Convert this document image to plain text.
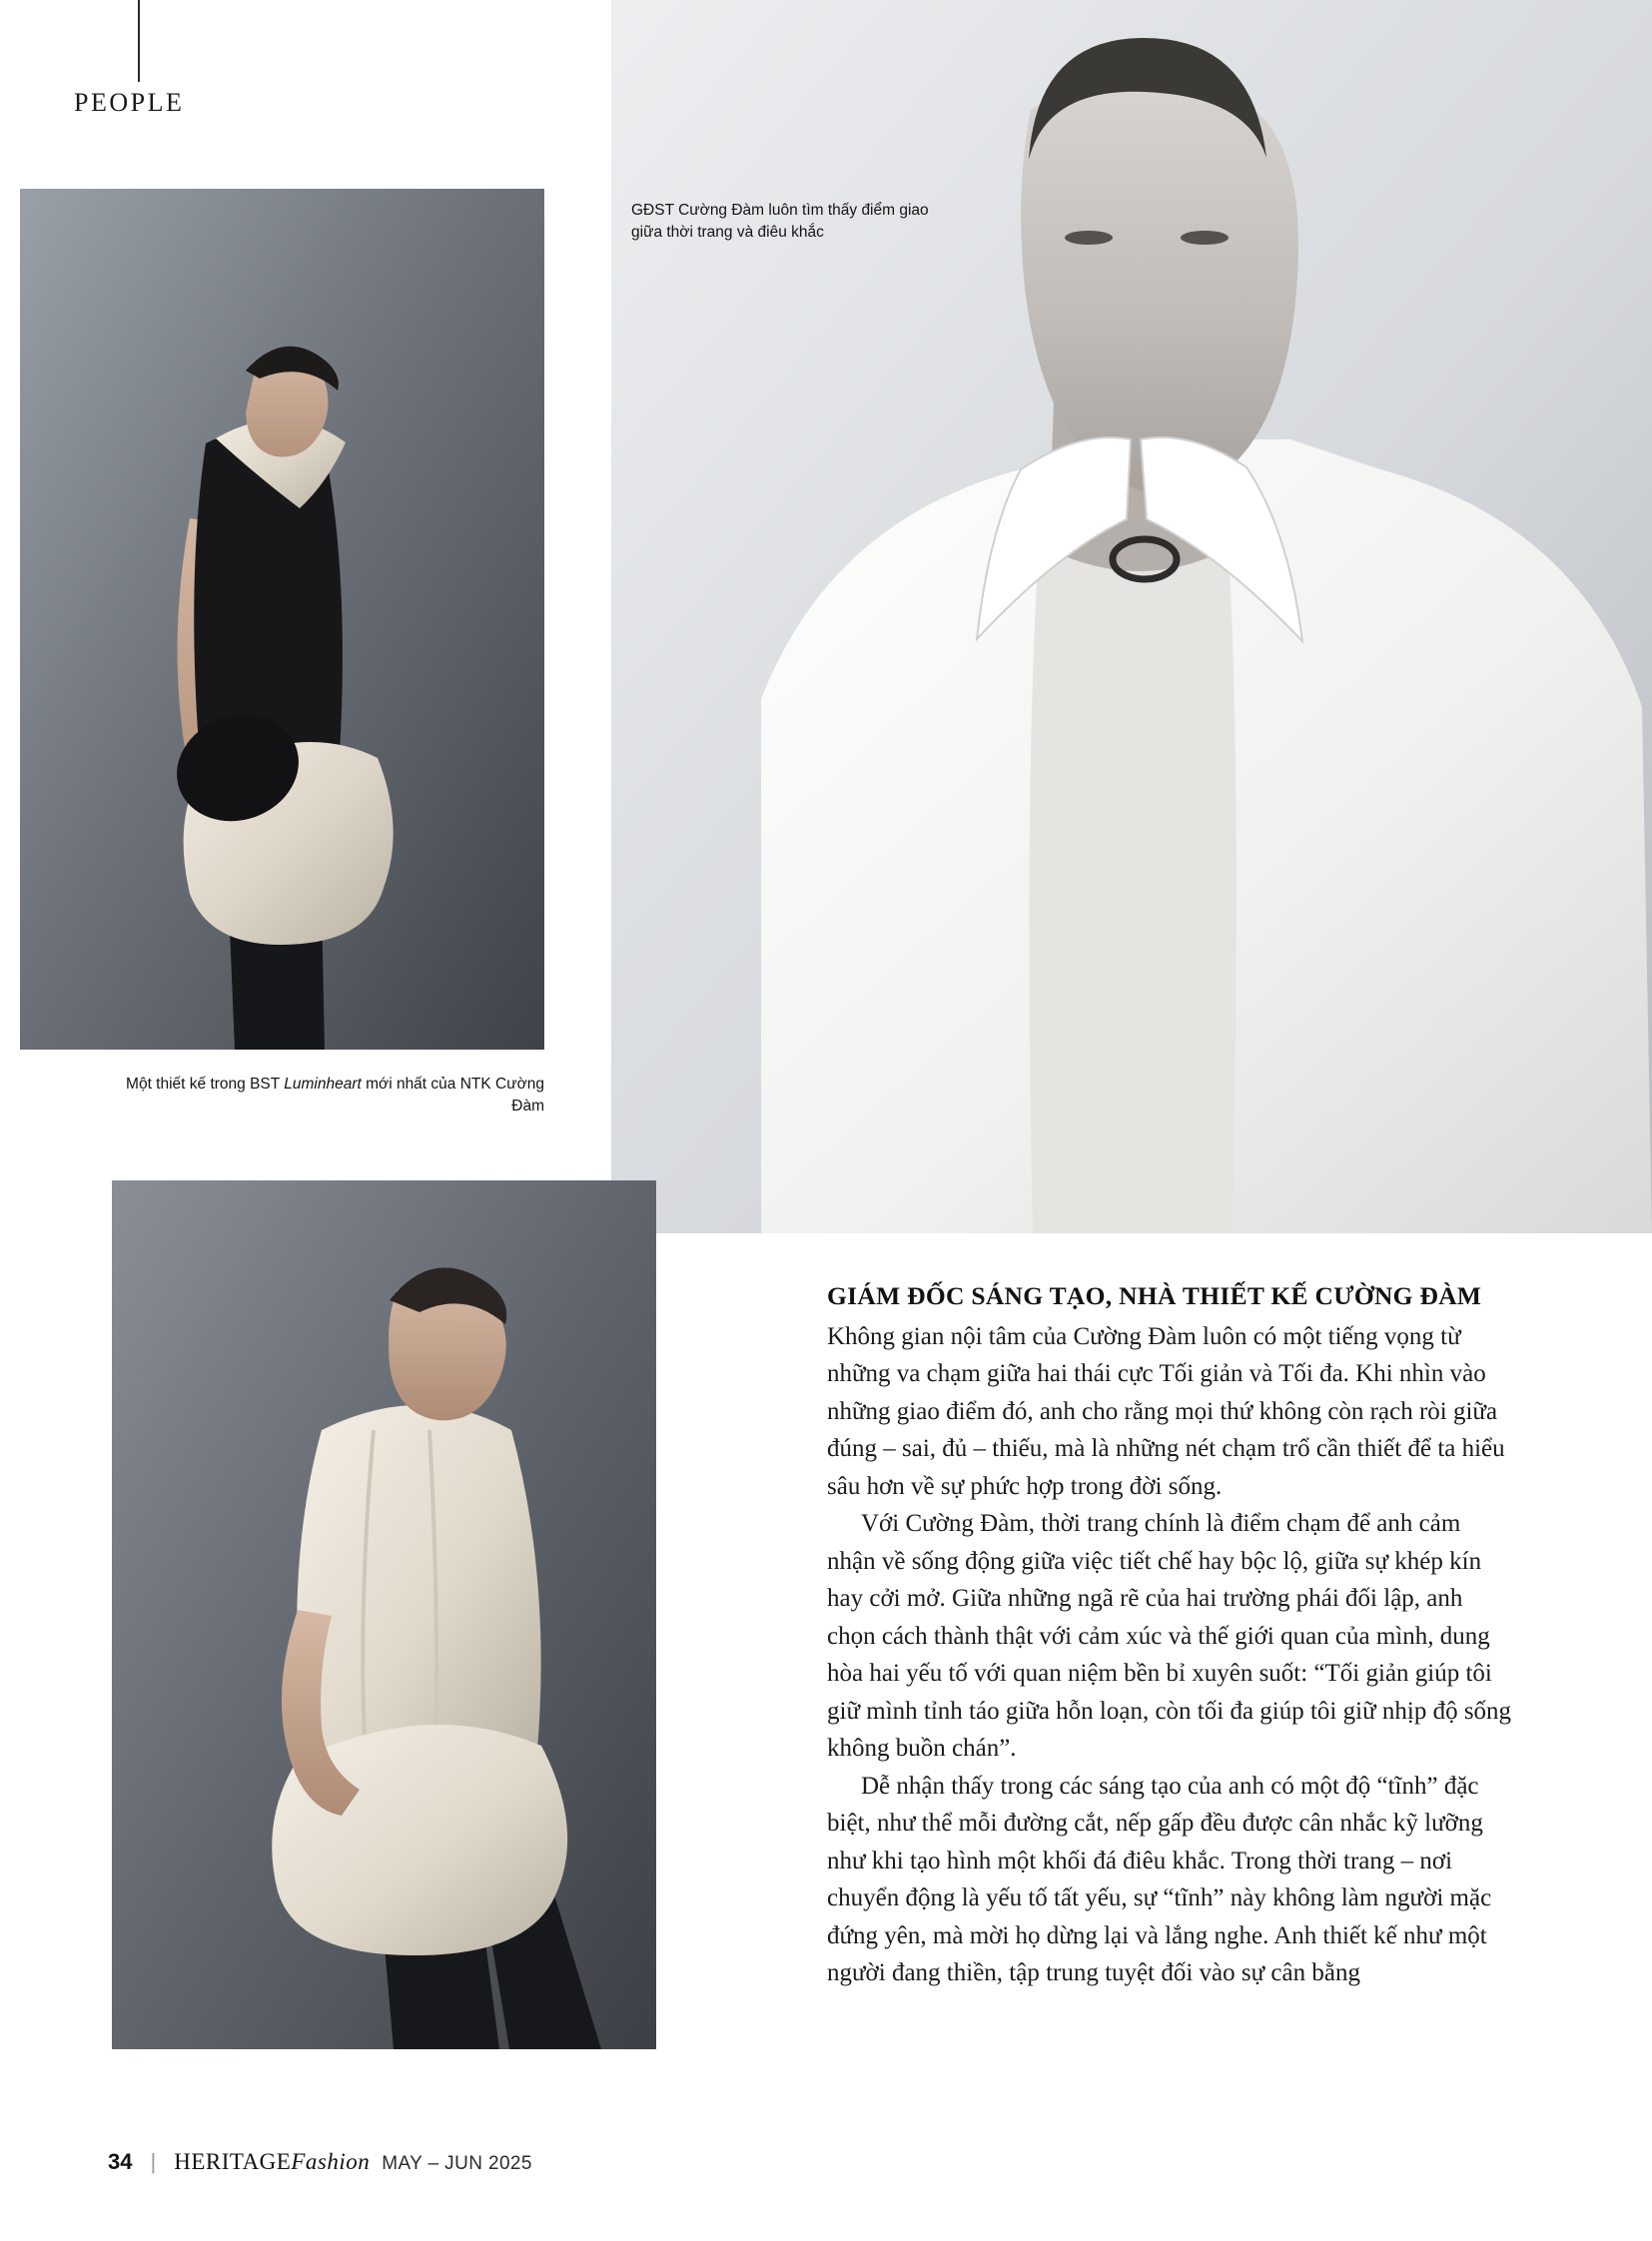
PEOPLE
GĐST Cường Đàm luôn tìm thấy điểm giao giữa thời trang và điêu khắc
Một thiết kế trong BST Luminheart mới nhất của NTK Cường Đàm
GIÁM ĐỐC SÁNG TẠO, NHÀ THIẾT KẾ CƯỜNG ĐÀM

Không gian nội tâm của Cường Đàm luôn có một tiếng vọng từ những va chạm giữa hai thái cực Tối giản và Tối đa. Khi nhìn vào những giao điểm đó, anh cho rằng mọi thứ không còn rạch ròi giữa đúng – sai, đủ – thiếu, mà là những nét chạm trổ cần thiết để ta hiểu sâu hơn về sự phức hợp trong đời sống.

Với Cường Đàm, thời trang chính là điểm chạm để anh cảm nhận về sống động giữa việc tiết chế hay bộc lộ, giữa sự khép kín hay cởi mở. Giữa những ngã rẽ của hai trường phái đối lập, anh chọn cách thành thật với cảm xúc và thế giới quan của mình, dung hòa hai yếu tố với quan niệm bền bỉ xuyên suốt: “Tối giản giúp tôi giữ mình tỉnh táo giữa hỗn loạn, còn tối đa giúp tôi giữ nhịp độ sống không buồn chán”.

Dễ nhận thấy trong các sáng tạo của anh có một độ “tĩnh” đặc biệt, như thể mỗi đường cắt, nếp gấp đều được cân nhắc kỹ lưỡng như khi tạo hình một khối đá điêu khắc. Trong thời trang – nơi chuyển động là yếu tố tất yếu, sự “tĩnh” này không làm người mặc đứng yên, mà mời họ dừng lại và lắng nghe. Anh thiết kế như một người đang thiền, tập trung tuyệt đối vào sự cân bằng

34 | HERITAGEFashion MAY – JUN 2025
